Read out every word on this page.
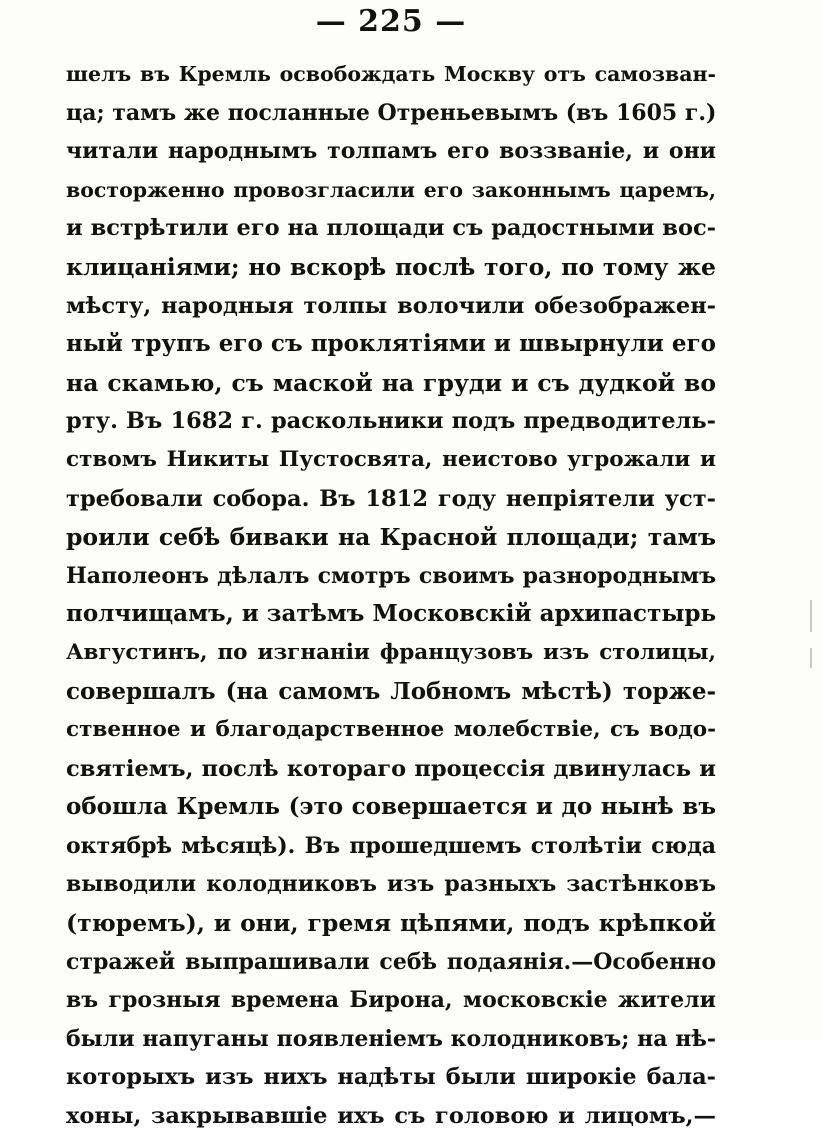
— 225 —
шелъ въ Кремль освобождать Москву отъ самозван-
ца; тамъ же посланные Отреньевымъ (въ 1605 г.)
читали народнымъ толпамъ его воззваніе, и они
восторженно провозгласили его законнымъ царемъ,
и встрѣтили его на площади съ радостными вос-
клицаніями; но вскорѣ послѣ того, по тому же
мѣсту, народныя толпы волочили обезображен-
ный трупъ его съ проклятіями и швырнули его
на скамью, съ маской на груди и съ дудкой во
рту. Въ 1682 г. раскольники подъ предводитель-
ствомъ Никиты Пустосвята, неистово угрожали и
требовали собора. Въ 1812 году непріятели уст-
роили себѣ биваки на Красной площади; тамъ
Наполеонъ дѣлалъ смотръ своимъ разнороднымъ
полчищамъ, и затѣмъ Московскій архипастырь
Августинъ, по изгнаніи французовъ изъ столицы,
совершалъ (на самомъ Лобномъ мѣстѣ) торже-
ственное и благодарственное молебствіе, съ водо-
святіемъ, послѣ котораго процессія двинулась и
обошла Кремль (это совершается и до нынѣ въ
октябрѣ мѣсяцѣ). Въ прошедшемъ столѣтіи сюда
выводили колодниковъ изъ разныхъ застѣнковъ
(тюремъ), и они, гремя цѣпями, подъ крѣпкой
стражей выпрашивали себѣ подаянія.—Особенно
въ грозныя времена Бирона, московскіе жители
были напуганы появленіемъ колодниковъ; на нѣ-
которыхъ изъ нихъ надѣты были широкіе бала-
хоны, закрывавшіе ихъ съ головою и лицомъ,—
